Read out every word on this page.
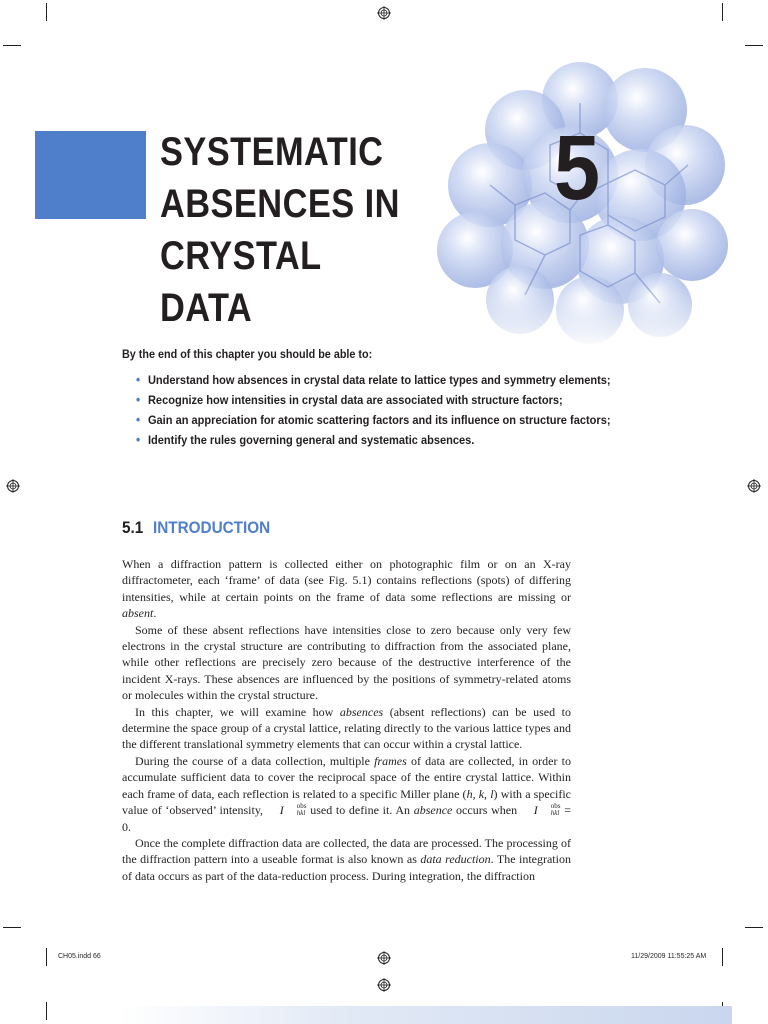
SYSTEMATIC
ABSENCES IN
CRYSTAL DATA
5
By the end of this chapter you should be able to:
• Understand how absences in crystal data relate to lattice types and symmetry elements;
• Recognize how intensities in crystal data are associated with structure factors;
• Gain an appreciation for atomic scattering factors and its influence on structure factors;
• Identify the rules governing general and systematic absences.
5.1 INTRODUCTION

When a diffraction pattern is collected either on photographic film or on an X-ray diffractometer, each ‘frame’ of data (see Fig. 5.1) contains reflections (spots) of differing intensities, while at certain points on the frame of data some reflections are missing or absent.

Some of these absent reflections have intensities close to zero because only very few electrons in the crystal structure are contributing to diffraction from the associated plane, while other reflections are precisely zero because of the destructive interference of the incident X-rays. These absences are influenced by the positions of symmetry-related atoms or molecules within the crystal structure.

In this chapter, we will examine how absences (absent reflections) can be used to determine the space group of a crystal lattice, relating directly to the various lattice types and the different translational symmetry elements that can occur within a crystal lattice.

During the course of a data collection, multiple frames of data are collected, in order to accumulate sufficient data to cover the reciprocal space of the entire crystal lattice. Within each frame of data, each reflection is related to a specific Miller plane (h, k, l) with a specific value of ‘observed’ intensity, I	obs
hkl used to define it. An absence occurs when I	obs
hkl = 0.

Once the complete diffraction data are collected, the data are processed. The processing of the diffraction pattern into a useable format is also known as data reduction. The integration of data occurs as part of the data-reduction process. During integration, the diffraction

CH05.indd 66	11/29/2009 11:55:25 AM
